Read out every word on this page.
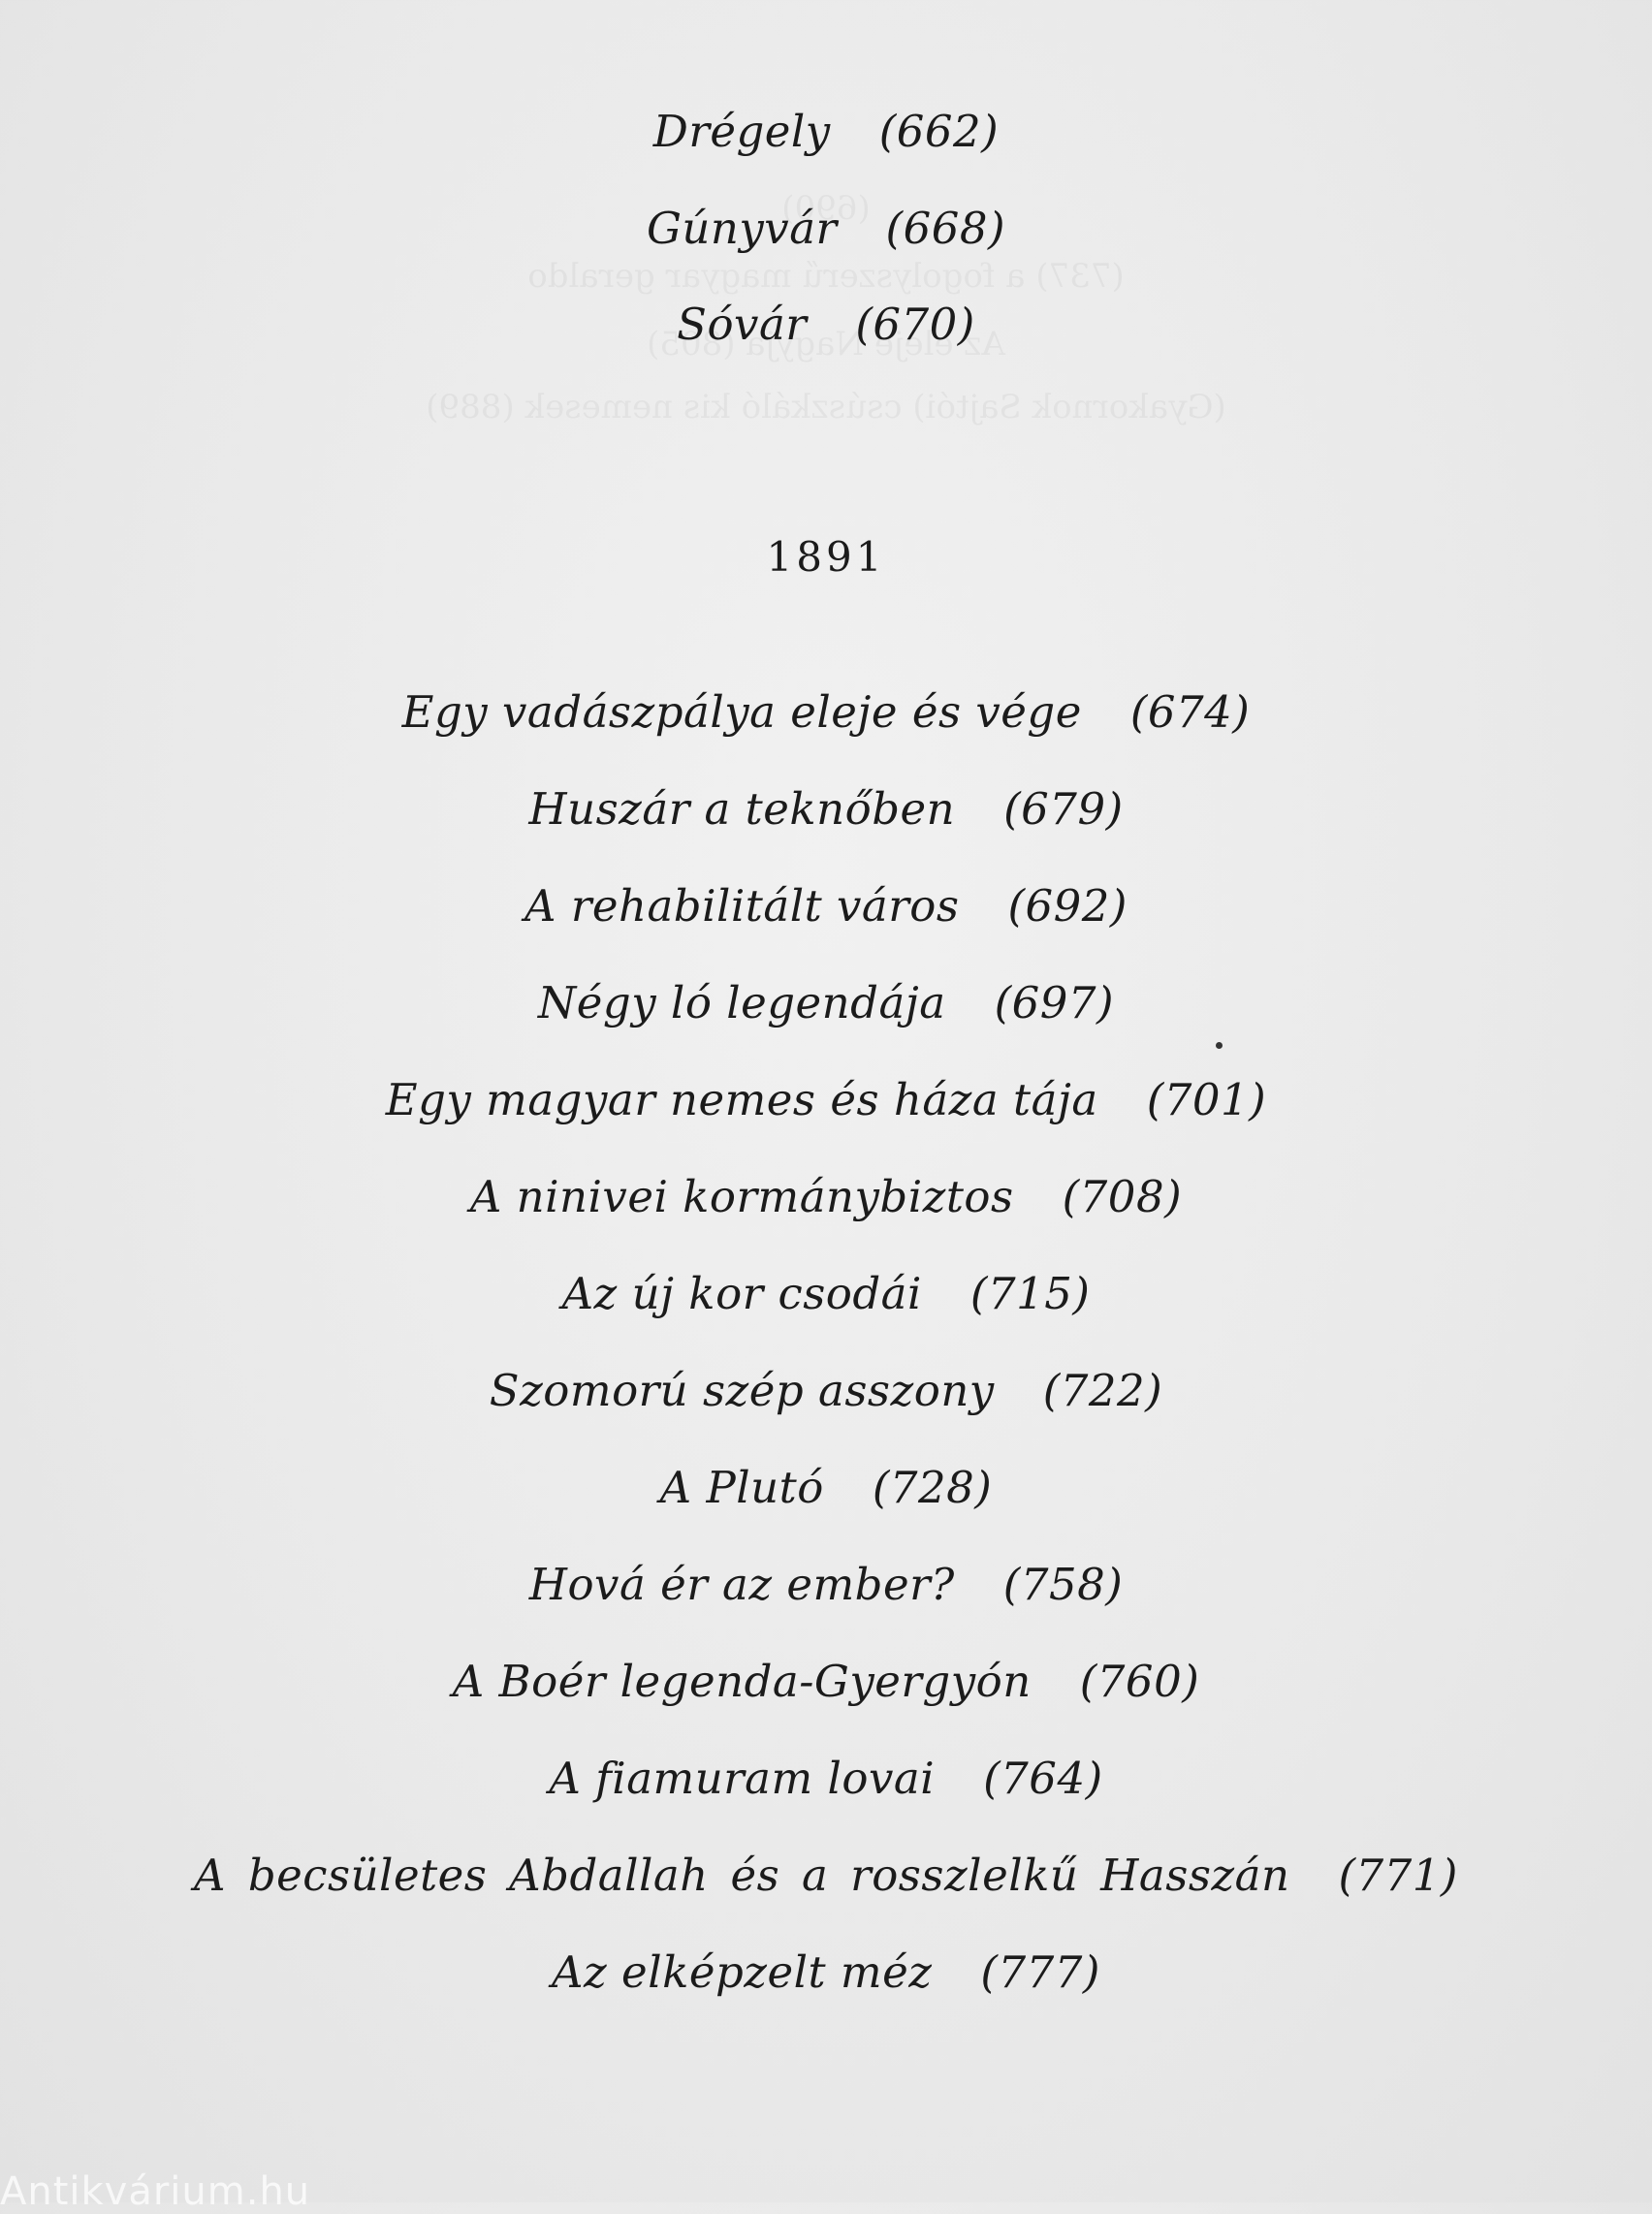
Drégely (662)
Gúnyvár (668)
Sóvár (670)
1891
Egy vadászpálya eleje és vége (674)
Huszár a teknőben (679)
A rehabilitált város (692)
Négy ló legendája (697)
Egy magyar nemes és háza tája (701)
A ninivei kormánybiztos (708)
Az új kor csodái (715)
Szomorú szép asszony (722)
A Plutó (728)
Hová ér az ember? (758)
A Boér legenda-Gyergyón (760)
A fiamuram lovai (764)
A becsületes Abdallah és a rosszlelkű Hasszán (771)
Az elképzelt méz (777)
Antikvárium.hu
